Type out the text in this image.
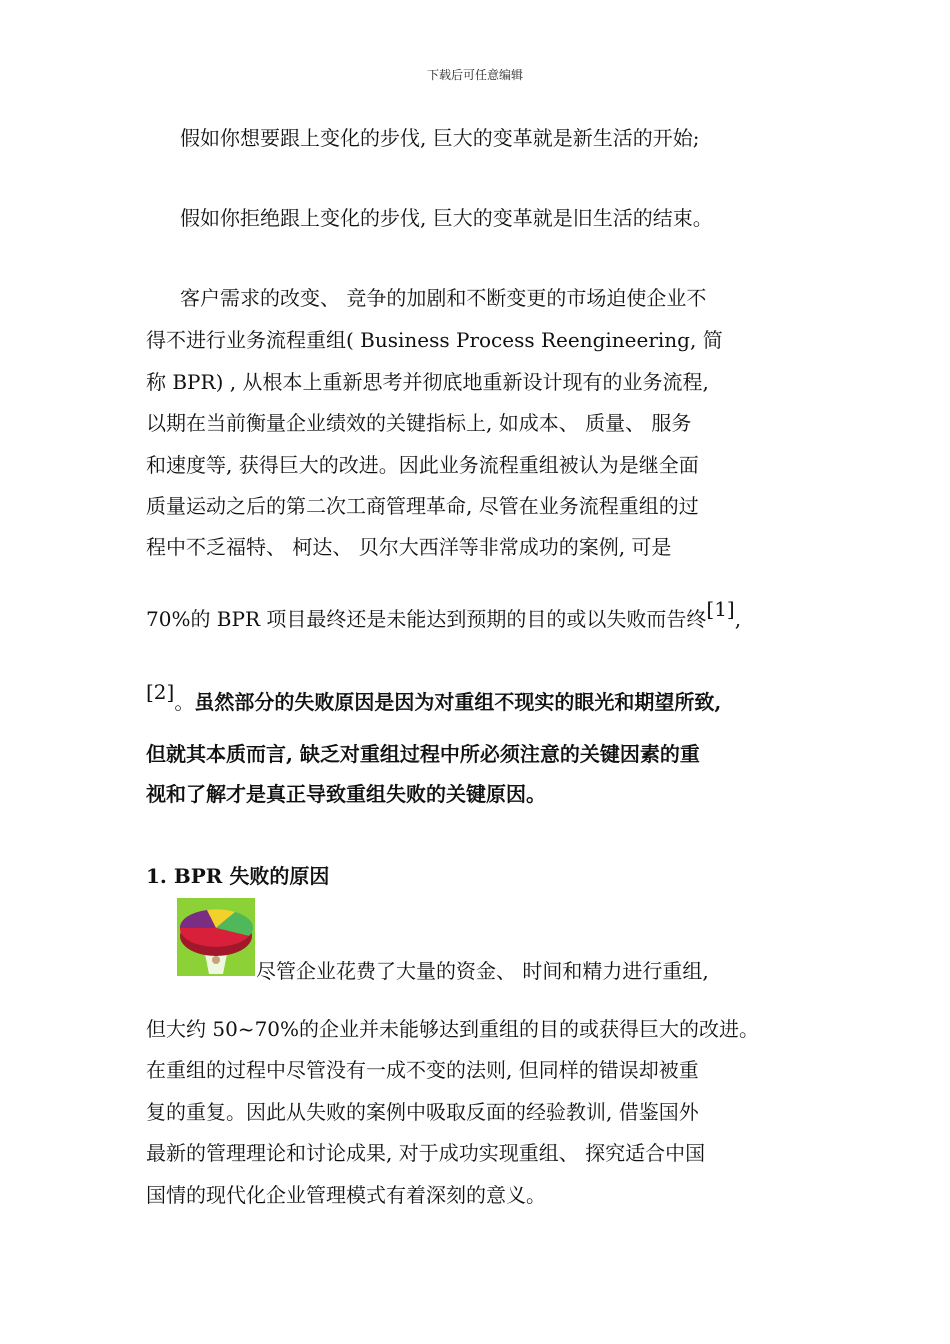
下载后可任意编辑
假如你想要跟上变化的步伐, 巨大的变革就是新生活的开始;
假如你拒绝跟上变化的步伐, 巨大的变革就是旧生活的结束。
客户需求的改变、 竞争的加剧和不断变更的市场迫使企业不
得不进行业务流程重组( Business Process Reengineering, 简
称 BPR) , 从根本上重新思考并彻底地重新设计现有的业务流程,
以期在当前衡量企业绩效的关键指标上, 如成本、 质量、 服务
和速度等, 获得巨大的改进。因此业务流程重组被认为是继全面
质量运动之后的第二次工商管理革命, 尽管在业务流程重组的过
程中不乏福特、 柯达、 贝尔大西洋等非常成功的案例, 可是
70%的 BPR 项目最终还是未能达到预期的目的或以失败而告终[1],
[2]。虽然部分的失败原因是因为对重组不现实的眼光和期望所致,
但就其本质而言, 缺乏对重组过程中所必须注意的关键因素的重
视和了解才是真正导致重组失败的关键原因。
1. BPR 失败的原因
尽管企业花费了大量的资金、 时间和精力进行重组,
但大约 50~70%的企业并未能够达到重组的目的或获得巨大的改进。
在重组的过程中尽管没有一成不变的法则, 但同样的错误却被重
复的重复。因此从失败的案例中吸取反面的经验教训, 借鉴国外
最新的管理理论和讨论成果, 对于成功实现重组、 探究适合中国
国情的现代化企业管理模式有着深刻的意义。
